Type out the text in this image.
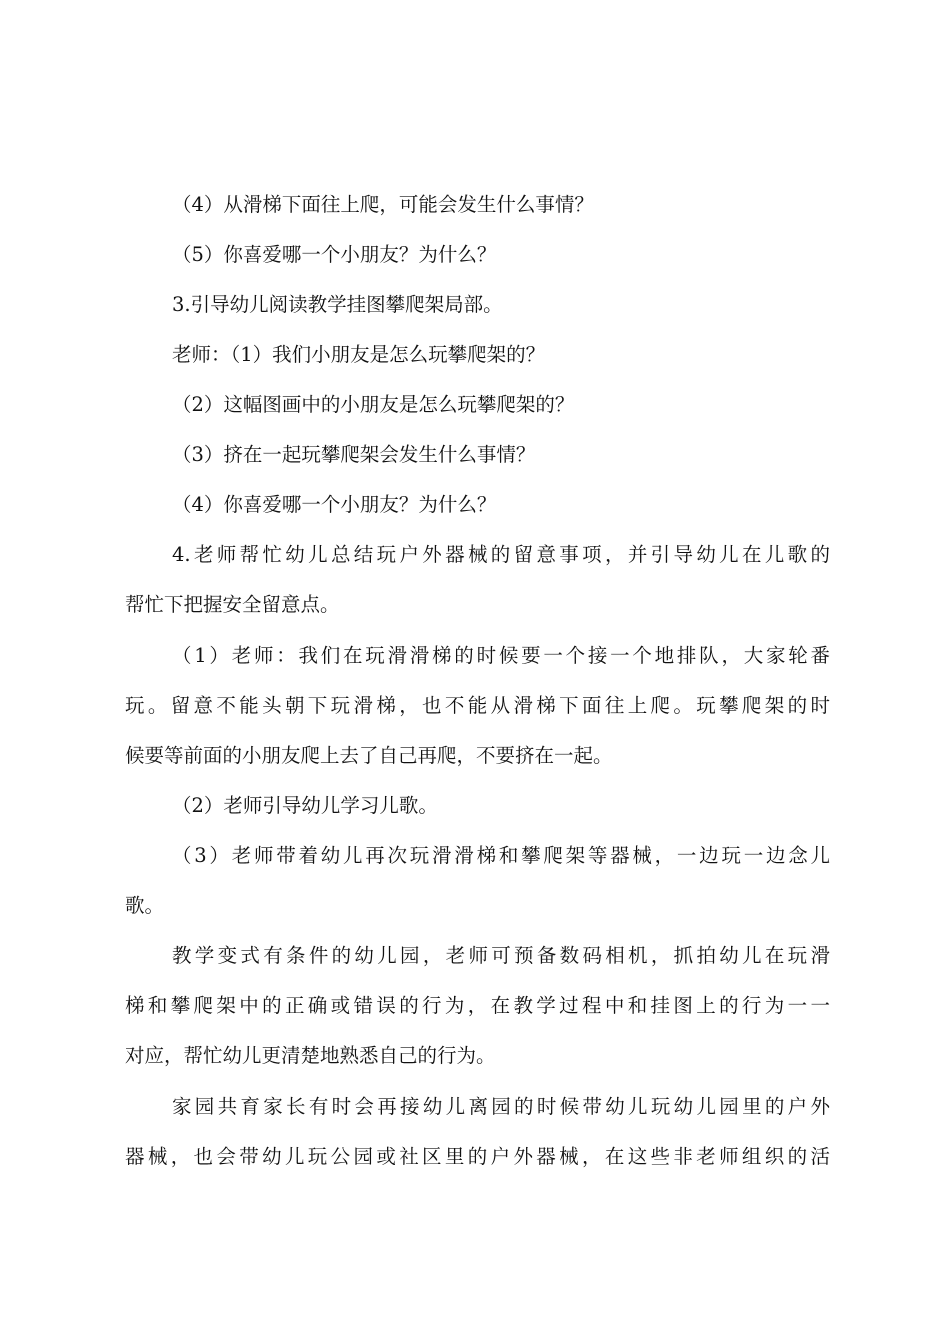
（4）从滑梯下面往上爬，可能会发生什么事情？
（5）你喜爱哪一个小朋友？为什么？
3.引导幼儿阅读教学挂图攀爬架局部。
老师：（1）我们小朋友是怎么玩攀爬架的？
（2）这幅图画中的小朋友是怎么玩攀爬架的？
（3）挤在一起玩攀爬架会发生什么事情？
（4）你喜爱哪一个小朋友？为什么？
4.老师帮忙幼儿总结玩户外器械的留意事项，并引导幼儿在儿歌的
帮忙下把握安全留意点。
（1）老师：我们在玩滑滑梯的时候要一个接一个地排队，大家轮番
玩。留意不能头朝下玩滑梯，也不能从滑梯下面往上爬。玩攀爬架的时
候要等前面的小朋友爬上去了自己再爬，不要挤在一起。
（2）老师引导幼儿学习儿歌。
（3）老师带着幼儿再次玩滑滑梯和攀爬架等器械，一边玩一边念儿
歌。
教学变式有条件的幼儿园，老师可预备数码相机，抓拍幼儿在玩滑
梯和攀爬架中的正确或错误的行为，在教学过程中和挂图上的行为一一
对应，帮忙幼儿更清楚地熟悉自己的行为。
家园共育家长有时会再接幼儿离园的时候带幼儿玩幼儿园里的户外
器械，也会带幼儿玩公园或社区里的户外器械，在这些非老师组织的活
